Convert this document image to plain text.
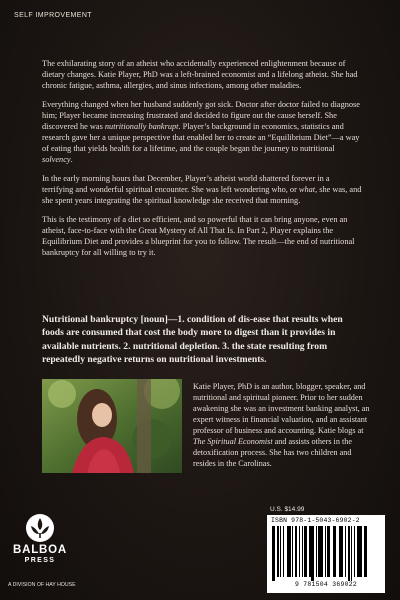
SELF IMPROVEMENT

The exhilarating story of an atheist who accidentally experienced enlightenment because of dietary changes. Katie Player, PhD was a left-brained economist and a lifelong atheist. She had chronic fatigue, asthma, allergies, and sinus infections, among other maladies.

Everything changed when her husband suddenly got sick. Doctor after doctor failed to diagnose him; Player became increasing frustrated and decided to figure out the cause herself. She discovered he was nutritionally bankrupt. Player’s background in economics, statistics and research gave her a unique perspective that enabled her to create an “Equilibrium Diet”—a way of eating that yields health for a lifetime, and the couple began the journey to nutritional solvency.

In the early morning hours that December, Player’s atheist world shattered forever in a terrifying and wonderful spiritual encounter. She was left wondering who, or what, she was, and she spent years integrating the spiritual knowledge she received that morning.

This is the testimony of a diet so efficient, and so powerful that it can bring anyone, even an atheist, face-to-face with the Great Mystery of All That Is. In Part 2, Player explains the Equilibrium Diet and provides a blueprint for you to follow. The result—the end of nutritional bankruptcy for all willing to try it.

Nutritional bankruptcy [noun]—1. condition of dis-ease that results when foods are consumed that cost the body more to digest than it provides in available nutrients. 2. nutritional depletion. 3. the state resulting from repeatedly negative returns on nutritional investments.
Katie Player, PhD is an author, blogger, speaker, and nutritional and spiritual pioneer. Prior to her sudden awakening she was an investment banking analyst, an expert witness in financial valuation, and an assistant professor of business and accounting. Katie blogs at The Spiritual Economist and assists others in the detoxification process. She has two children and resides in the Carolinas.
BALBOA
PRESS
A DIVISION OF HAY HOUSE
U.S. $14.99
ISBN 978-1-5043-6902-2
9 781504 369022
